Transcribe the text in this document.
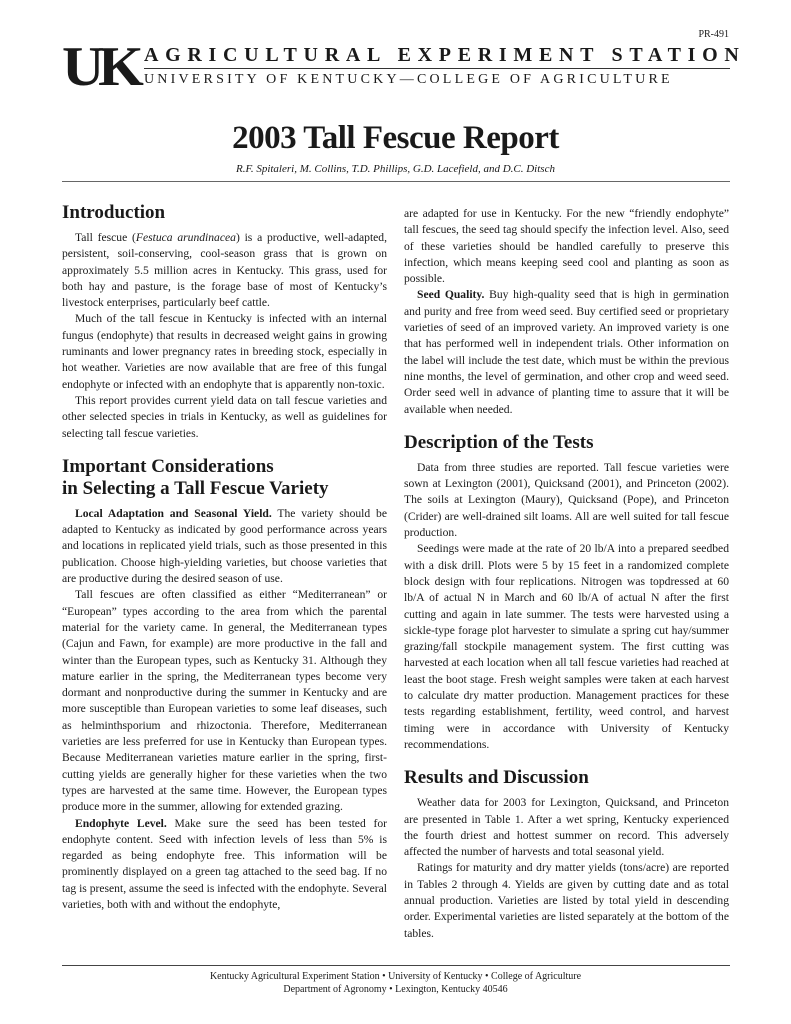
PR-491
UK AGRICULTURAL EXPERIMENT STATION
UNIVERSITY OF KENTUCKY—COLLEGE OF AGRICULTURE
2003 Tall Fescue Report
R.F. Spitaleri, M. Collins, T.D. Phillips, G.D. Lacefield, and D.C. Ditsch
Introduction

Tall fescue (Festuca arundinacea) is a productive, well-adapted, persistent, soil-conserving, cool-season grass that is grown on approximately 5.5 million acres in Kentucky. This grass, used for both hay and pasture, is the forage base of most of Kentucky’s livestock enterprises, particularly beef cattle.

Much of the tall fescue in Kentucky is infected with an internal fungus (endophyte) that results in decreased weight gains in growing ruminants and lower pregnancy rates in breeding stock, especially in hot weather. Varieties are now available that are free of this fungal endophyte or infected with an endophyte that is apparently non-toxic.

This report provides current yield data on tall fescue varieties and other selected species in trials in Kentucky, as well as guidelines for selecting tall fescue varieties.

Important Considerations
in Selecting a Tall Fescue Variety

Local Adaptation and Seasonal Yield. The variety should be adapted to Kentucky as indicated by good performance across years and locations in replicated yield trials, such as those presented in this publication. Choose high-yielding varieties, but choose varieties that are productive during the desired season of use.

Tall fescues are often classified as either “Mediterranean” or “European” types according to the area from which the parental material for the variety came. In general, the Mediterranean types (Cajun and Fawn, for example) are more productive in the fall and winter than the European types, such as Kentucky 31. Although they mature earlier in the spring, the Mediterranean types become very dormant and nonproductive during the summer in Kentucky and are more susceptible than European varieties to some leaf diseases, such as helminthsporium and rhizoctonia. Therefore, Mediterranean varieties are less preferred for use in Kentucky than European types. Because Mediterranean varieties mature earlier in the spring, first-cutting yields are generally higher for these varieties when the two types are harvested at the same time. However, the European types produce more in the summer, allowing for extended grazing.

Endophyte Level. Make sure the seed has been tested for endophyte content. Seed with infection levels of less than 5% is regarded as being endophyte free. This information will be prominently displayed on a green tag attached to the seed bag. If no tag is present, assume the seed is infected with the endophyte. Several varieties, both with and without the endophyte,

are adapted for use in Kentucky. For the new “friendly endophyte” tall fescues, the seed tag should specify the infection level. Also, seed of these varieties should be handled carefully to preserve this infection, which means keeping seed cool and planting as soon as possible.

Seed Quality. Buy high-quality seed that is high in germination and purity and free from weed seed. Buy certified seed or proprietary varieties of seed of an improved variety. An improved variety is one that has performed well in independent trials. Other information on the label will include the test date, which must be within the previous nine months, the level of germination, and other crop and weed seed. Order seed well in advance of planting time to assure that it will be available when needed.

Description of the Tests

Data from three studies are reported. Tall fescue varieties were sown at Lexington (2001), Quicksand (2001), and Princeton (2002). The soils at Lexington (Maury), Quicksand (Pope), and Princeton (Crider) are well-drained silt loams. All are well suited for tall fescue production.

Seedings were made at the rate of 20 lb/A into a prepared seedbed with a disk drill. Plots were 5 by 15 feet in a randomized complete block design with four replications. Nitrogen was topdressed at 60 lb/A of actual N in March and 60 lb/A of actual N after the first cutting and again in late summer. The tests were harvested using a sickle-type forage plot harvester to simulate a spring cut hay/summer grazing/fall stockpile management system. The first cutting was harvested at each location when all tall fescue varieties had reached at least the boot stage. Fresh weight samples were taken at each harvest to calculate dry matter production. Management practices for these tests regarding establishment, fertility, weed control, and harvest timing were in accordance with University of Kentucky recommendations.

Results and Discussion

Weather data for 2003 for Lexington, Quicksand, and Princeton are presented in Table 1. After a wet spring, Kentucky experienced the fourth driest and hottest summer on record. This adversely affected the number of harvests and total seasonal yield.

Ratings for maturity and dry matter yields (tons/acre) are reported in Tables 2 through 4. Yields are given by cutting date and as total annual production. Varieties are listed by total yield in descending order. Experimental varieties are listed separately at the bottom of the tables.

Kentucky Agricultural Experiment Station • University of Kentucky • College of Agriculture
Department of Agronomy • Lexington, Kentucky 40546
